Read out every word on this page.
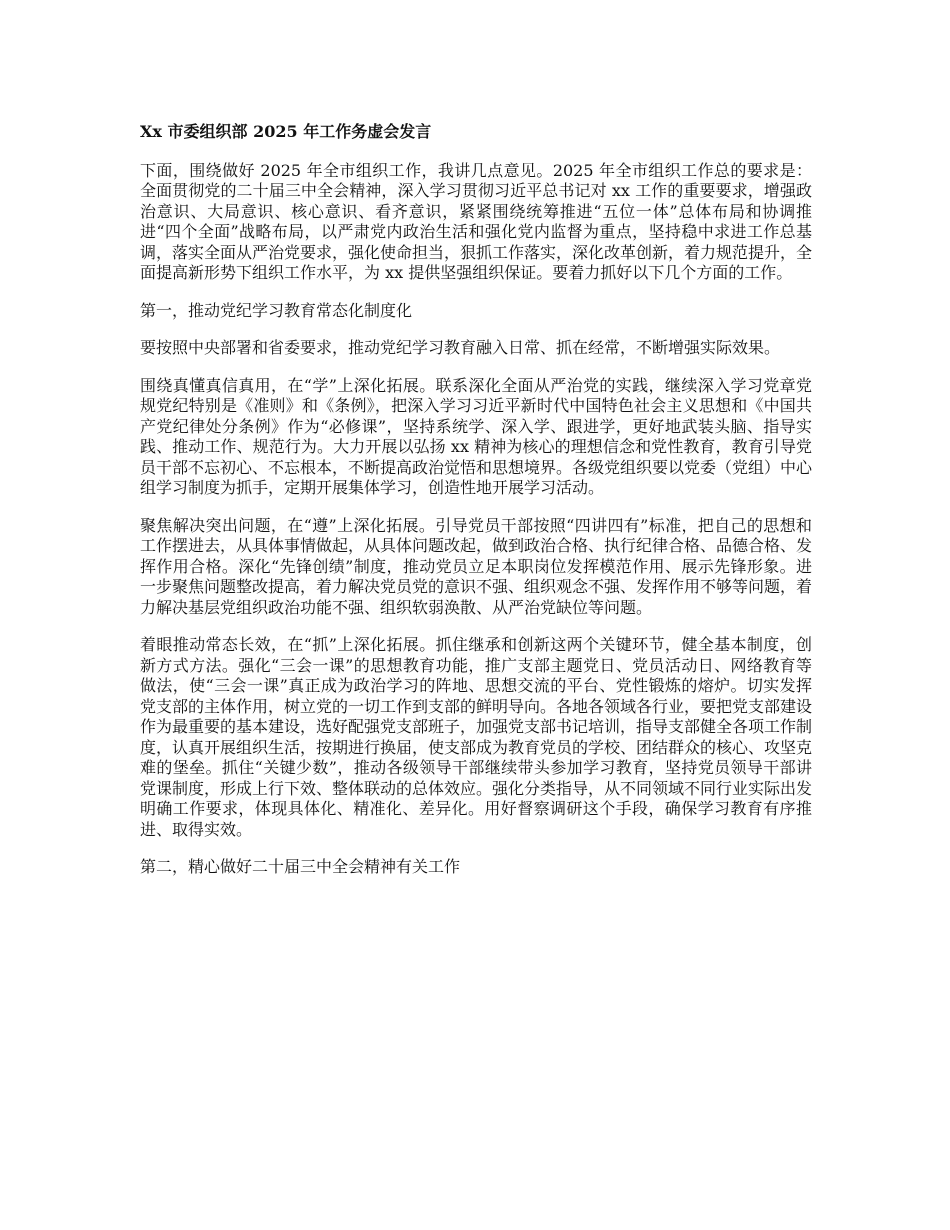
Xx 市委组织部 2025 年工作务虚会发言

下面，围绕做好 2025 年全市组织工作，我讲几点意见。2025 年全市组织工作总的要求是：全面贯彻党的二十届三中全会精神，深入学习贯彻习近平总书记对 xx 工作的重要要求，增强政治意识、大局意识、核心意识、看齐意识，紧紧围绕统筹推进“五位一体”总体布局和协调推进“四个全面”战略布局，以严肃党内政治生活和强化党内监督为重点，坚持稳中求进工作总基调，落实全面从严治党要求，强化使命担当，狠抓工作落实，深化改革创新，着力规范提升，全面提高新形势下组织工作水平，为 xx 提供坚强组织保证。要着力抓好以下几个方面的工作。

第一，推动党纪学习教育常态化制度化

要按照中央部署和省委要求，推动党纪学习教育融入日常、抓在经常，不断增强实际效果。

围绕真懂真信真用，在“学”上深化拓展。联系深化全面从严治党的实践，继续深入学习党章党规党纪特别是《准则》和《条例》，把深入学习习近平新时代中国特色社会主义思想和《中国共产党纪律处分条例》作为“必修课”，坚持系统学、深入学、跟进学，更好地武装头脑、指导实践、推动工作、规范行为。大力开展以弘扬 xx 精神为核心的理想信念和党性教育，教育引导党员干部不忘初心、不忘根本，不断提高政治觉悟和思想境界。各级党组织要以党委（党组）中心组学习制度为抓手，定期开展集体学习，创造性地开展学习活动。

聚焦解决突出问题，在“遵”上深化拓展。引导党员干部按照“四讲四有”标准，把自己的思想和工作摆进去，从具体事情做起，从具体问题改起，做到政治合格、执行纪律合格、品德合格、发挥作用合格。深化“先锋创绩”制度，推动党员立足本职岗位发挥模范作用、展示先锋形象。进一步聚焦问题整改提高，着力解决党员党的意识不强、组织观念不强、发挥作用不够等问题，着力解决基层党组织政治功能不强、组织软弱涣散、从严治党缺位等问题。

着眼推动常态长效，在“抓”上深化拓展。抓住继承和创新这两个关键环节，健全基本制度，创新方式方法。强化“三会一课”的思想教育功能，推广支部主题党日、党员活动日、网络教育等做法，使“三会一课”真正成为政治学习的阵地、思想交流的平台、党性锻炼的熔炉。切实发挥党支部的主体作用，树立党的一切工作到支部的鲜明导向。各地各领域各行业，要把党支部建设作为最重要的基本建设，选好配强党支部班子，加强党支部书记培训，指导支部健全各项工作制度，认真开展组织生活，按期进行换届，使支部成为教育党员的学校、团结群众的核心、攻坚克难的堡垒。抓住“关键少数”，推动各级领导干部继续带头参加学习教育，坚持党员领导干部讲党课制度，形成上行下效、整体联动的总体效应。强化分类指导，从不同领域不同行业实际出发明确工作要求，体现具体化、精准化、差异化。用好督察调研这个手段，确保学习教育有序推进、取得实效。

第二，精心做好二十届三中全会精神有关工作
